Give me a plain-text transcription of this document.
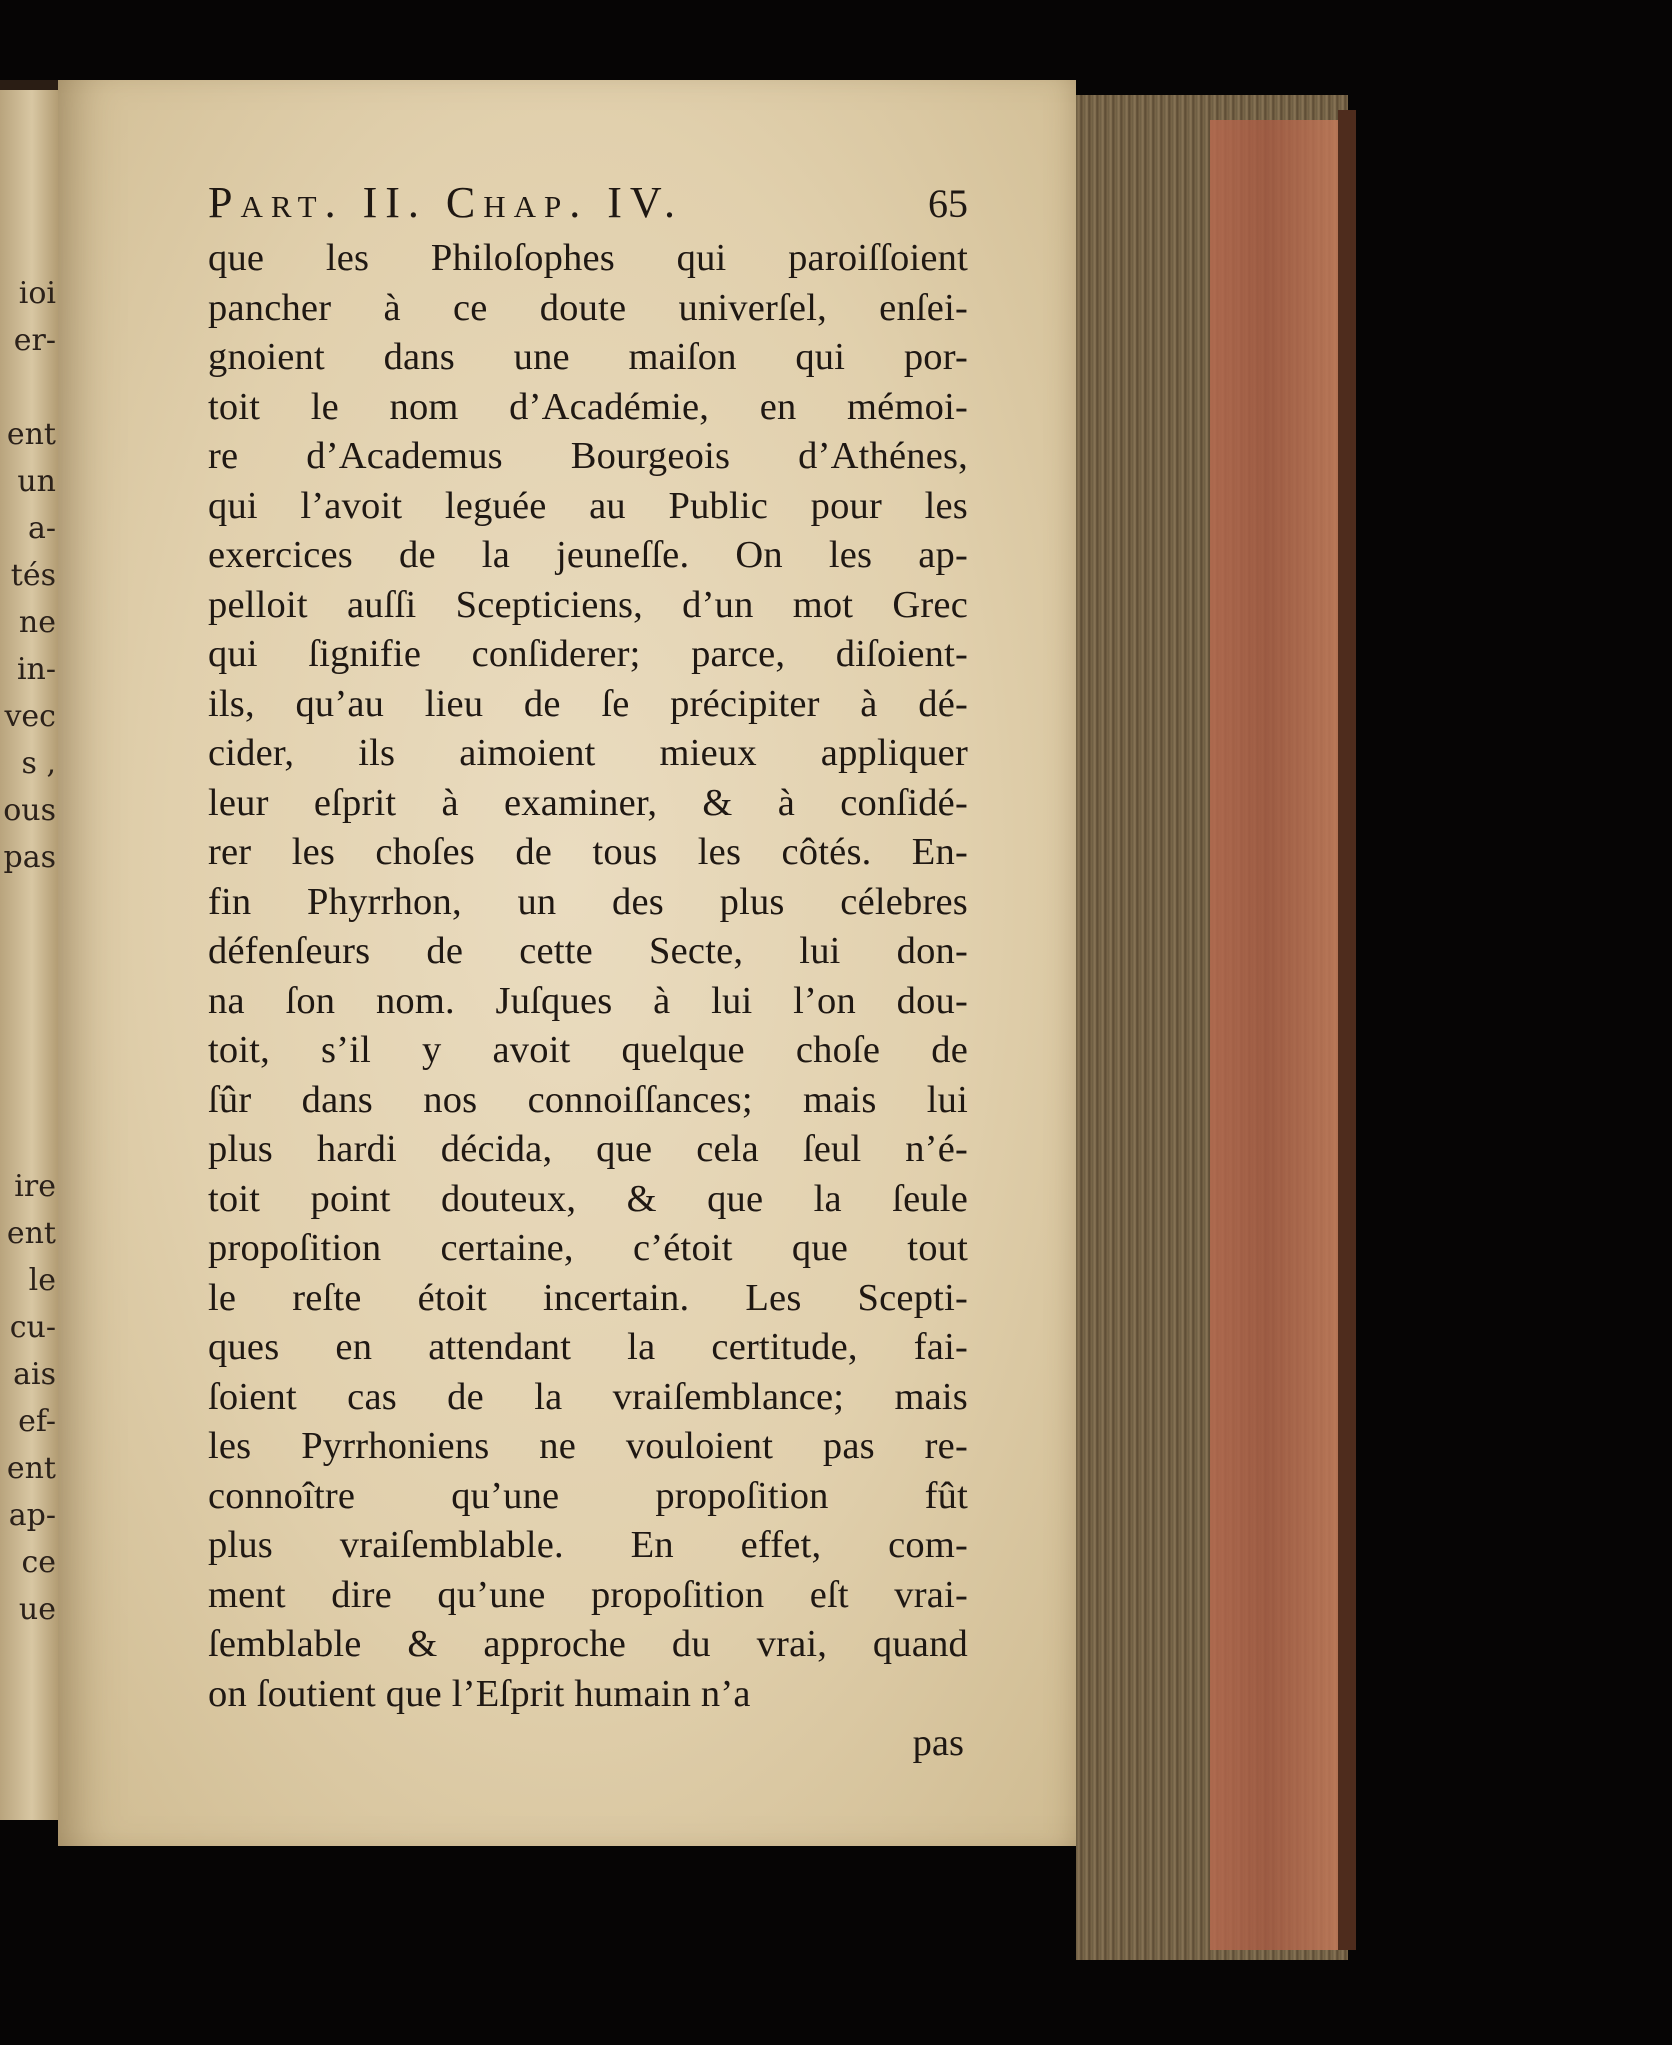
ioi
er-
ent
un
a-
tés
ne
in-
vec
s ,
ous
pas
ire
ent
le
cu-
ais
ef-
ent
ap-
ce
ue
Part. II. Chap. IV.	65
que les Philoſophes qui paroiſſoient
pancher à ce doute univerſel, enſei-
gnoient dans une maiſon qui por-
toit le nom d’Académie, en mémoi-
re d’Academus Bourgeois d’Athénes,
qui l’avoit leguée au Public pour les
exercices de la jeuneſſe. On les ap-
pelloit auſſi Scepticiens, d’un mot Grec
qui ſignifie conſiderer; parce, diſoient-
ils, qu’au lieu de ſe précipiter à dé-
cider, ils aimoient mieux appliquer
leur eſprit à examiner, & à conſidé-
rer les choſes de tous les côtés. En-
fin Phyrrhon, un des plus célebres
défenſeurs de cette Secte, lui don-
na ſon nom. Juſques à lui l’on dou-
toit, s’il y avoit quelque choſe de
ſûr dans nos connoiſſances; mais lui
plus hardi décida, que cela ſeul n’é-
toit point douteux, & que la ſeule
propoſition certaine, c’étoit que tout
le reſte étoit incertain. Les Scepti-
ques en attendant la certitude, fai-
ſoient cas de la vraiſemblance; mais
les Pyrrhoniens ne vouloient pas re-
connoître qu’une propoſition fût
plus vraiſemblable. En effet, com-
ment dire qu’une propoſition eſt vrai-
ſemblable & approche du vrai, quand
on ſoutient que l’Eſprit humain n’a
pas
